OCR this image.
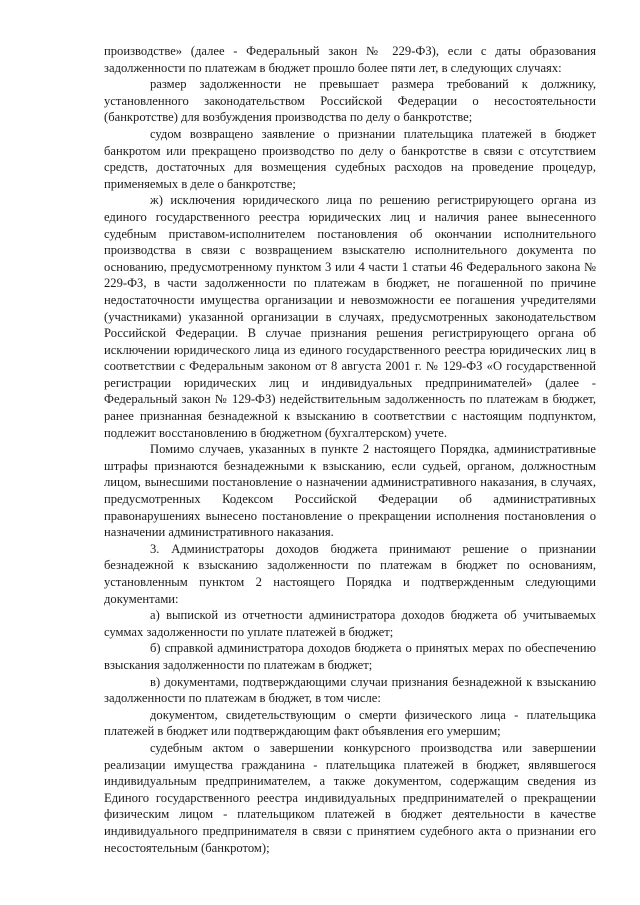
производстве» (далее - Федеральный закон № 229-ФЗ), если с даты образования задолженности по платежам в бюджет прошло более пяти лет, в следующих случаях:

размер задолженности не превышает размера требований к должнику, установленного законодательством Российской Федерации о несостоятельности (банкротстве) для возбуждения производства по делу о банкротстве;

судом возвращено заявление о признании плательщика платежей в бюджет банкротом или прекращено производство по делу о банкротстве в связи с отсутствием средств, достаточных для возмещения судебных расходов на проведение процедур, применяемых в деле о банкротстве;

ж) исключения юридического лица по решению регистрирующего органа из единого государственного реестра юридических лиц и наличия ранее вынесенного судебным приставом-исполнителем постановления об окончании исполнительного производства в связи с возвращением взыскателю исполнительного документа по основанию, предусмотренному пунктом 3 или 4 части 1 статьи 46 Федерального закона № 229-ФЗ, в части задолженности по платежам в бюджет, не погашенной по причине недостаточности имущества организации и невозможности ее погашения учредителями (участниками) указанной организации в случаях, предусмотренных законодательством Российской Федерации. В случае признания решения регистрирующего органа об исключении юридического лица из единого государственного реестра юридических лиц в соответствии с Федеральным законом от 8 августа 2001 г. № 129-ФЗ «О государственной регистрации юридических лиц и индивидуальных предпринимателей» (далее - Федеральный закон № 129-ФЗ) недействительным задолженность по платежам в бюджет, ранее признанная безнадежной к взысканию в соответствии с настоящим подпунктом, подлежит восстановлению в бюджетном (бухгалтерском) учете.

Помимо случаев, указанных в пункте 2 настоящего Порядка, административные штрафы признаются безнадежными к взысканию, если судьей, органом, должностным лицом, вынесшими постановление о назначении административного наказания, в случаях, предусмотренных Кодексом Российской Федерации об административных правонарушениях вынесено постановление о прекращении исполнения постановления о назначении административного наказания.

3. Администраторы доходов бюджета принимают решение о признании безнадежной к взысканию задолженности по платежам в бюджет по основаниям, установленным пунктом 2 настоящего Порядка и подтвержденным следующими документами:

а) выпиской из отчетности администратора доходов бюджета об учитываемых суммах задолженности по уплате платежей в бюджет;

б) справкой администратора доходов бюджета о принятых мерах по обеспечению взыскания задолженности по платежам в бюджет;

в) документами, подтверждающими случаи признания безнадежной к взысканию задолженности по платежам в бюджет, в том числе:

документом, свидетельствующим о смерти физического лица - плательщика платежей в бюджет или подтверждающим факт объявления его умершим;

судебным актом о завершении конкурсного производства или завершении реализации имущества гражданина - плательщика платежей в бюджет, являвшегося индивидуальным предпринимателем, а также документом, содержащим сведения из Единого государственного реестра индивидуальных предпринимателей о прекращении физическим лицом - плательщиком платежей в бюджет деятельности в качестве индивидуального предпринимателя в связи с принятием судебного акта о признании его несостоятельным (банкротом);
